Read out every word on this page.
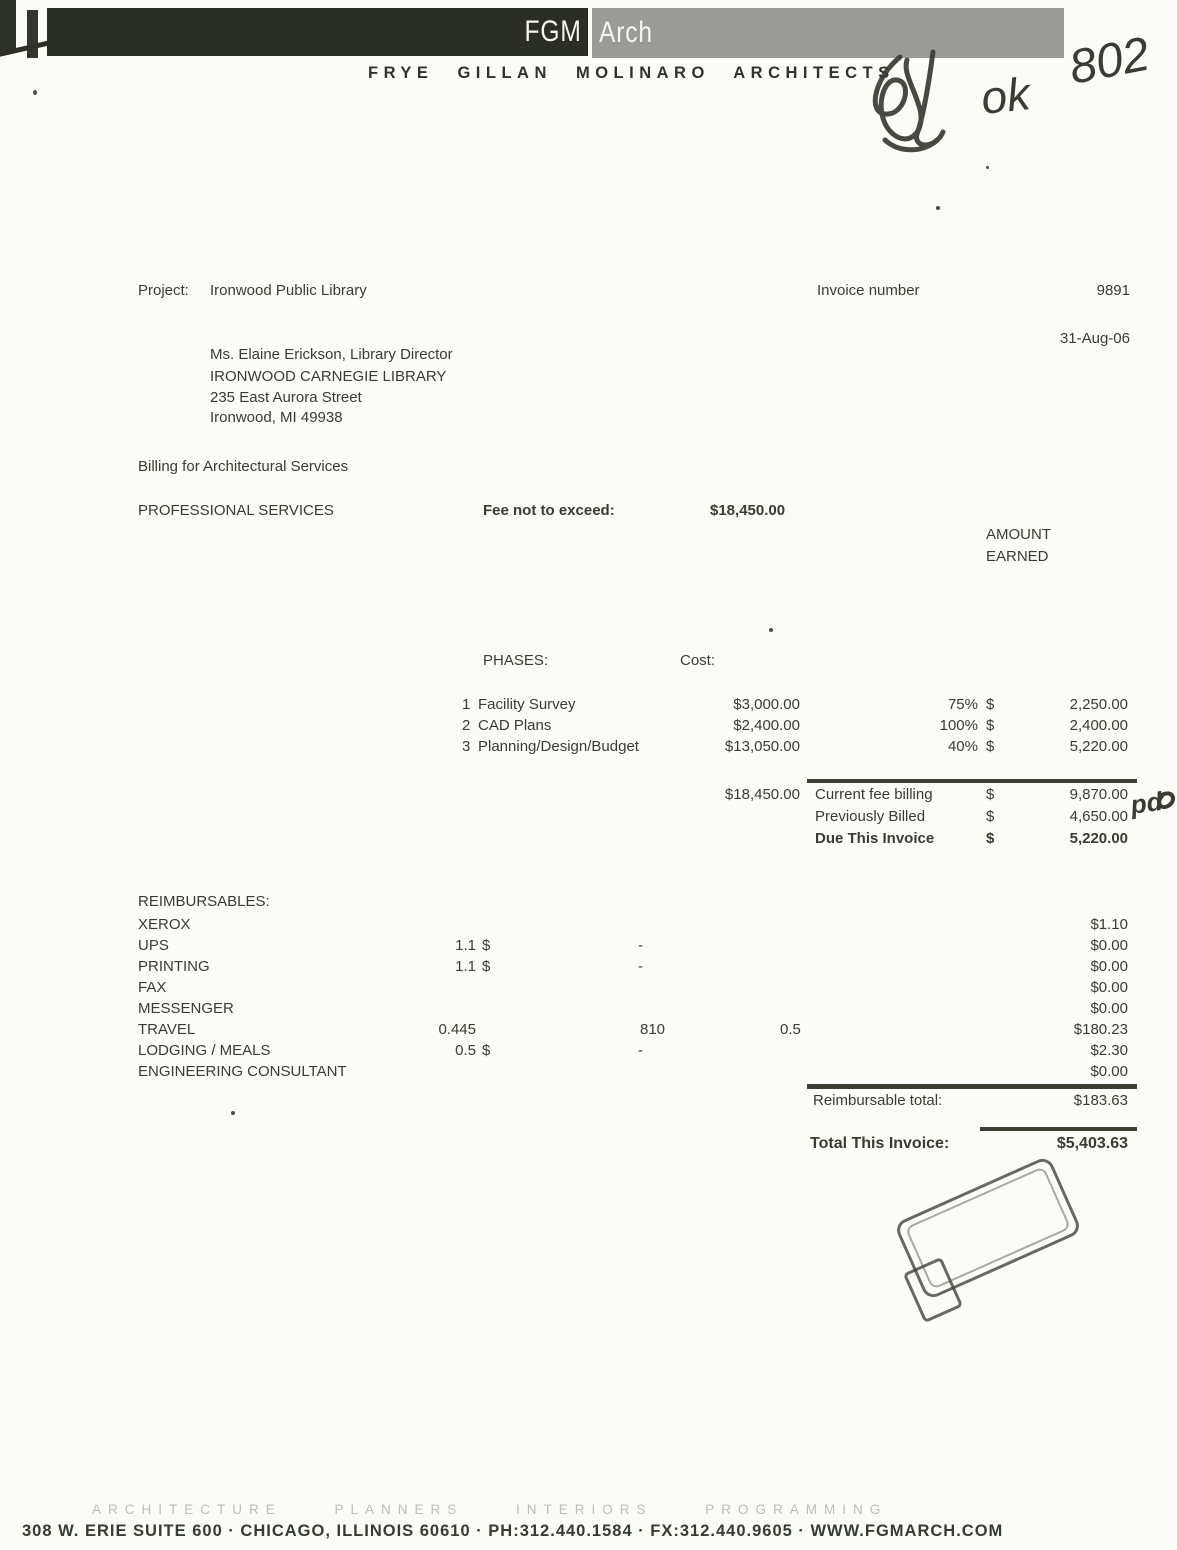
FGM Arch
FRYE GILLAN MOLINARO ARCHITECTS ok
802
Project: Ironwood Public Library	Invoice number	9891
31-Aug-06
Ms. Elaine Erickson, Library Director
IRONWOOD CARNEGIE LIBRARY
235 East Aurora Street
Ironwood, MI 49938
Billing for Architectural Services
PROFESSIONAL SERVICES	Fee not to exceed:	$18,450.00
AMOUNT
EARNED
PHASES:	Cost:
1 Facility Survey	$3,000.00	75% $	2,250.00
2 CAD Plans	$2,400.00	100% $	2,400.00
3 Planning/Design/Budget	$13,050.00	40% $	5,220.00
$18,450.00 Current fee billing	$	9,870.00
Previously Billed	$	4,650.00
Due This Invoice	$	5,220.00
pd
REIMBURSABLES:
XEROX	$1.10
UPS	1.1 $	-	$0.00
PRINTING	1.1 $	-	$0.00
FAX	$0.00
MESSENGER	$0.00
TRAVEL	0.445	810	0.5	$180.23
LODGING / MEALS	0.5 $	-	$2.30
ENGINEERING CONSULTANT	$0.00
Reimbursable total:	$183.63
Total This Invoice:	$5,403.63
ARCHITECTURE PLANNERS INTERIORS PROGRAMMING
308 W. ERIE SUITE 600 · CHICAGO, ILLINOIS 60610 · PH:312.440.1584 · FX:312.440.9605 · WWW.FGMARCH.COM
